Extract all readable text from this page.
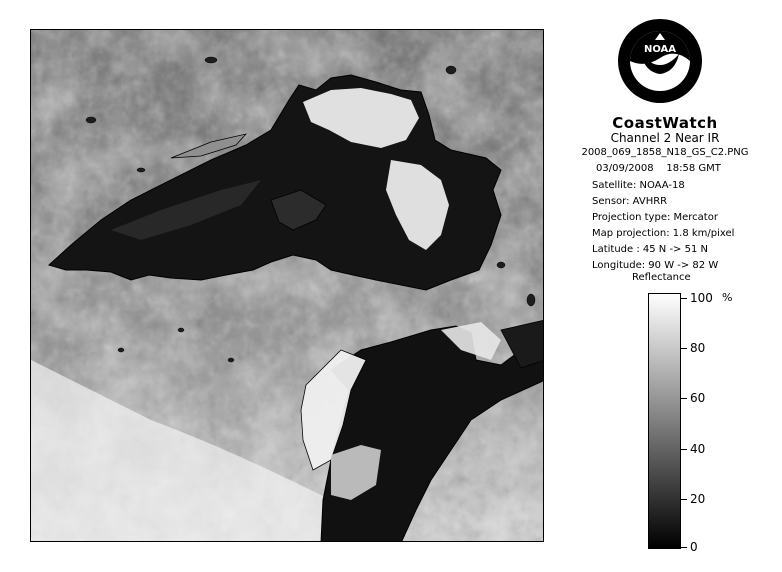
NOAA
CoastWatch
Channel 2 Near IR
2008_069_1858_N18_GS_C2.PNG
03/09/2008 18:58 GMT
Satellite: NOAA-18
Sensor: AVHRR
Projection type: Mercator
Map projection: 1.8 km/pixel
Latitude : 45 N -> 51 N
Longitude: 90 W -> 82 W
Reflectance
%
100
80
60
40
20
0
